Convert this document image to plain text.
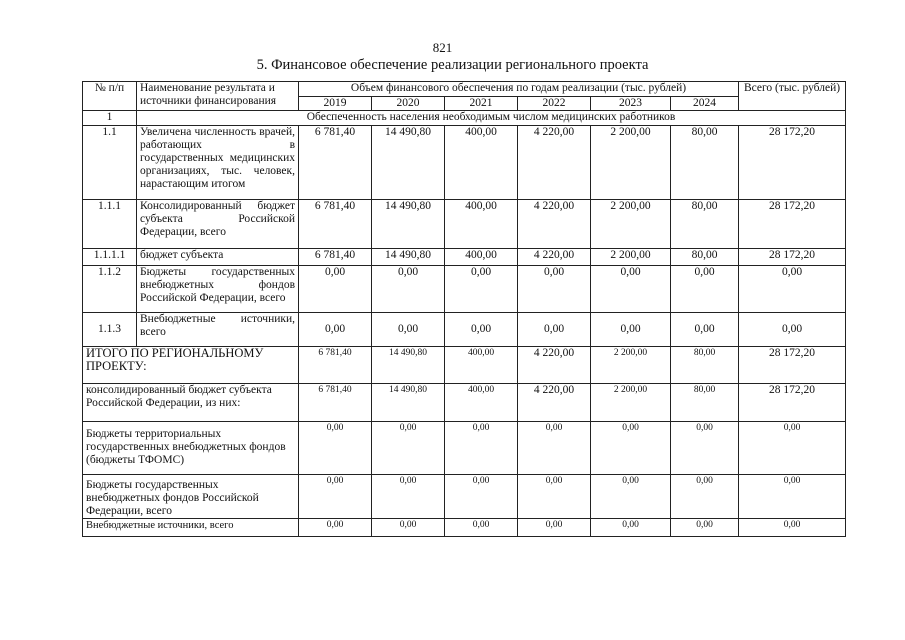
821
5. Финансовое обеспечение реализации регионального проекта
№ п/п	Наименование результата и источники финансирования	Объем финансового обеспечения по годам реализации (тыс. рублей)						Всего (тыс. рублей)
		2019	2020	2021	2022	2023	2024	
1	Обеспеченность населения необходимым числом медицинских работников							
1.1	Увеличена численность врачей, работающих в государственных медицинских организациях, тыс. человек, нарастающим итогом	6 781,40	14 490,80	400,00	4 220,00	2 200,00	80,00	28 172,20
1.1.1	Консолидированный бюджет субъекта Российской Федерации, всего	6 781,40	14 490,80	400,00	4 220,00	2 200,00	80,00	28 172,20
1.1.1.1	бюджет субъекта	6 781,40	14 490,80	400,00	4 220,00	2 200,00	80,00	28 172,20
1.1.2	Бюджеты государственных внебюджетных фондов Российской Федерации, всего	0,00	0,00	0,00	0,00	0,00	0,00	0,00
1.1.3	Внебюджетные источники, всего	0,00	0,00	0,00	0,00	0,00	0,00	0,00
ИТОГО ПО РЕГИОНАЛЬНОМУ ПРОЕКТУ:		6 781,40	14 490,80	400,00	4 220,00	2 200,00	80,00	28 172,20
консолидированный бюджет субъекта Российской Федерации, из них:		6 781,40	14 490,80	400,00	4 220,00	2 200,00	80,00	28 172,20

Бюджеты территориальных государственных внебюджетных фондов (бюджеты ТФОМС)		0,00	0,00	0,00	0,00	0,00	0,00	0,00

Бюджеты государственных внебюджетных фондов Российской Федерации, всего		0,00	0,00	0,00	0,00	0,00	0,00	0,00
Внебюджетные источники, всего		0,00	0,00	0,00	0,00	0,00	0,00	0,00
